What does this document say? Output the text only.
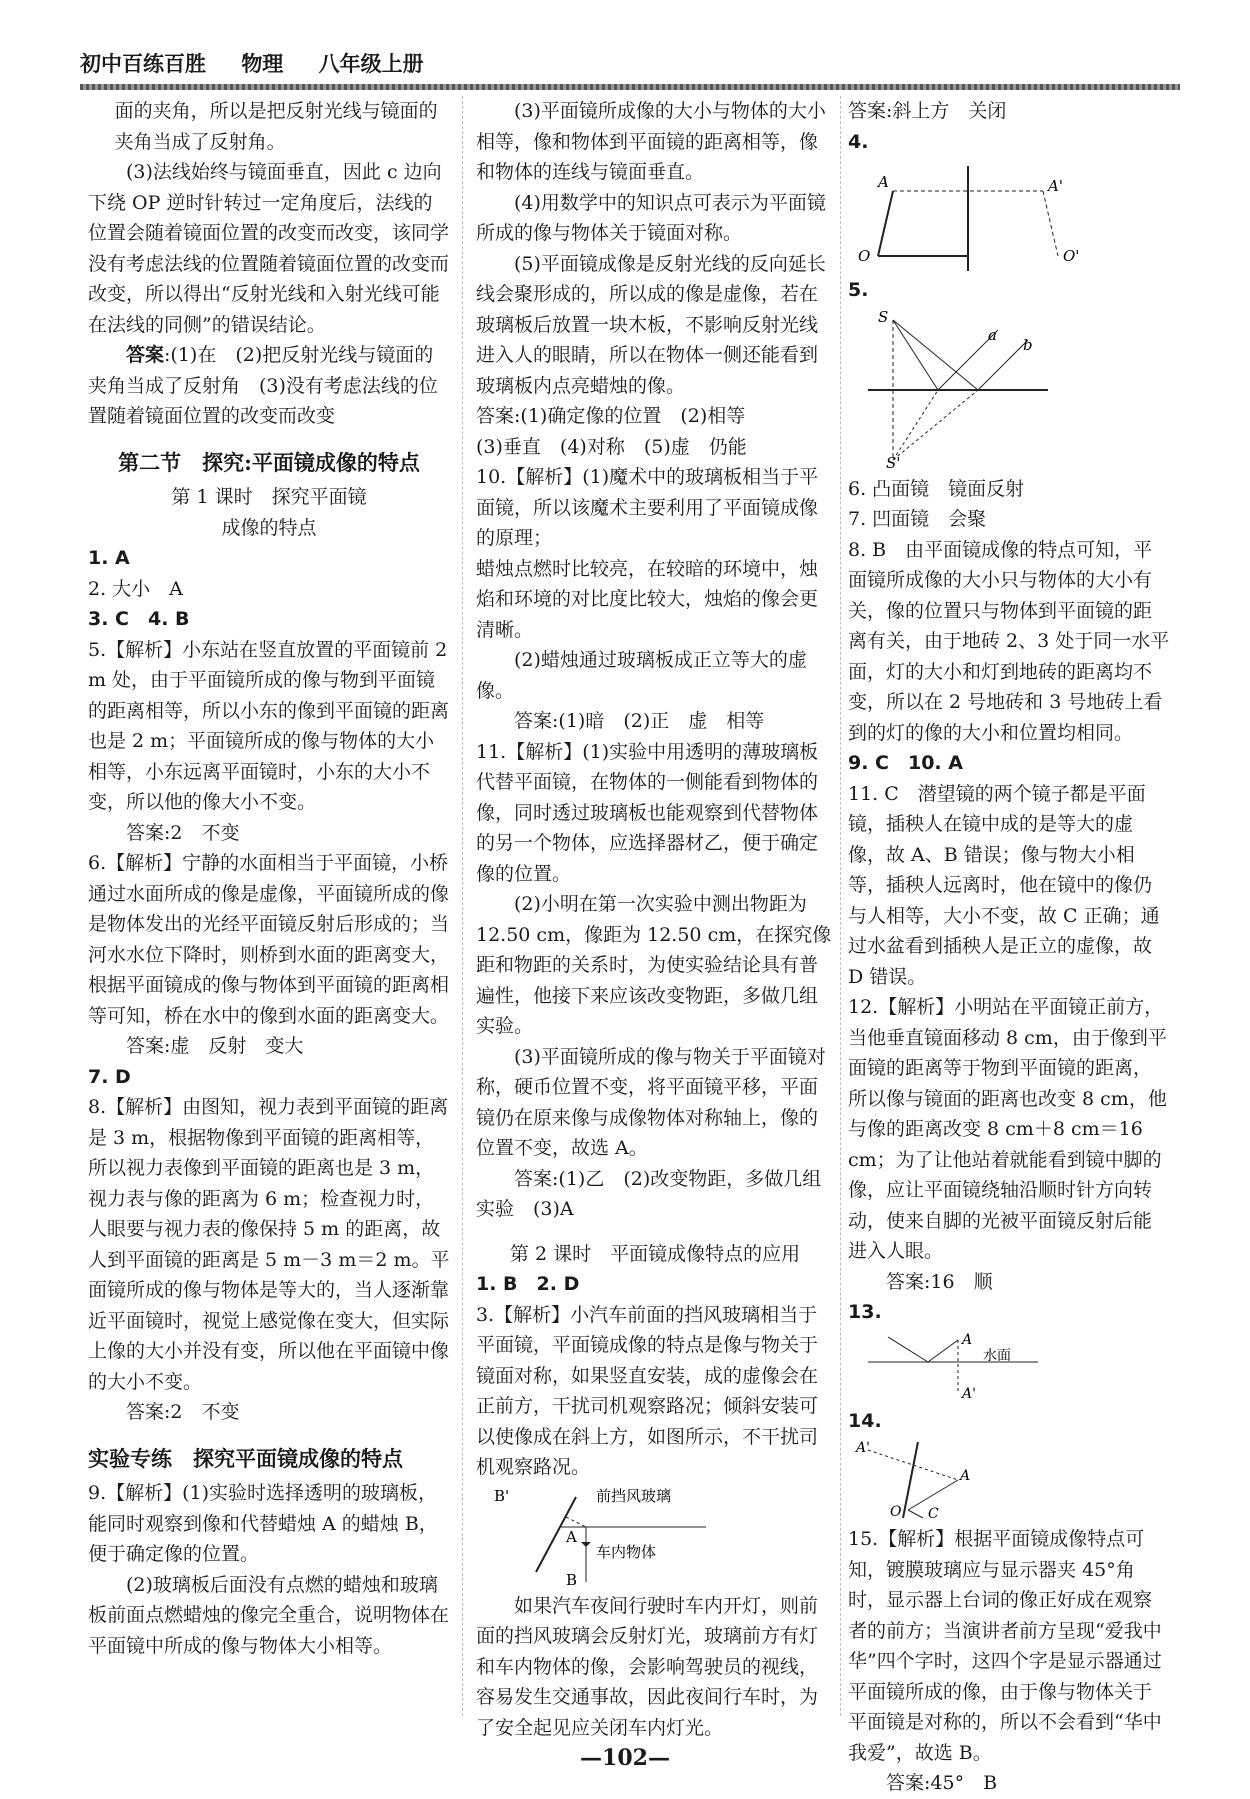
初中百练百胜 物理 八年级上册

面的夹角，所以是把反射光线与镜面的夹角当成了反射角。

(3)法线始终与镜面垂直，因此 c 边向下绕 OP 逆时针转过一定角度后，法线的位置会随着镜面位置的改变而改变，该同学没有考虑法线的位置随着镜面位置的改变而改变，所以得出“反射光线和入射光线可能在法线的同侧”的错误结论。

答案:(1)在　(2)把反射光线与镜面的夹角当成了反射角　(3)没有考虑法线的位置随着镜面位置的改变而改变

第二节　探究:平面镜成像的特点

第 1 课时　探究平面镜

成像的特点

1. A

2. 大小　A

3. C　4. B

5.【解析】小东站在竖直放置的平面镜前 2 m 处，由于平面镜所成的像与物到平面镜的距离相等，所以小东的像到平面镜的距离也是 2 m；平面镜所成的像与物体的大小相等，小东远离平面镜时，小东的大小不变，所以他的像大小不变。

答案:2　不变

6.【解析】宁静的水面相当于平面镜，小桥通过水面所成的像是虚像，平面镜所成的像是物体发出的光经平面镜反射后形成的；当河水水位下降时，则桥到水面的距离变大，根据平面镜成的像与物体到平面镜的距离相等可知，桥在水中的像到水面的距离变大。

答案:虚　反射　变大

7. D

8.【解析】由图知，视力表到平面镜的距离是 3 m，根据物像到平面镜的距离相等，所以视力表像到平面镜的距离也是 3 m，视力表与像的距离为 6 m；检查视力时，人眼要与视力表的像保持 5 m 的距离，故人到平面镜的距离是 5 m－3 m＝2 m。平面镜所成的像与物体是等大的，当人逐渐靠近平面镜时，视觉上感觉像在变大，但实际上像的大小并没有变，所以他在平面镜中像的大小不变。

答案:2　不变

实验专练　探究平面镜成像的特点

9.【解析】(1)实验时选择透明的玻璃板，能同时观察到像和代替蜡烛 A 的蜡烛 B，便于确定像的位置。

(2)玻璃板后面没有点燃的蜡烛和玻璃板前面点燃蜡烛的像完全重合，说明物体在平面镜中所成的像与物体大小相等。

(3)平面镜所成像的大小与物体的大小相等，像和物体到平面镜的距离相等，像和物体的连线与镜面垂直。

(4)用数学中的知识点可表示为平面镜所成的像与物体关于镜面对称。

(5)平面镜成像是反射光线的反向延长线会聚形成的，所以成的像是虚像，若在玻璃板后放置一块木板，不影响反射光线进入人的眼睛，所以在物体一侧还能看到玻璃板内点亮蜡烛的像。

答案:(1)确定像的位置　(2)相等

(3)垂直　(4)对称　(5)虚　仍能

10.【解析】(1)魔术中的玻璃板相当于平面镜，所以该魔术主要利用了平面镜成像的原理；

蜡烛点燃时比较亮，在较暗的环境中，烛焰和环境的对比度比较大，烛焰的像会更清晰。

(2)蜡烛通过玻璃板成正立等大的虚像。

答案:(1)暗　(2)正　虚　相等

11.【解析】(1)实验中用透明的薄玻璃板代替平面镜，在物体的一侧能看到物体的像，同时透过玻璃板也能观察到代替物体的另一个物体，应选择器材乙，便于确定像的位置。

(2)小明在第一次实验中测出物距为 12.50 cm，像距为 12.50 cm，在探究像距和物距的关系时，为使实验结论具有普遍性，他接下来应该改变物距，多做几组实验。

(3)平面镜所成的像与物关于平面镜对称，硬币位置不变，将平面镜平移，平面镜仍在原来像与成像物体对称轴上，像的位置不变，故选 A。

答案:(1)乙　(2)改变物距，多做几组实验　(3)A

第 2 课时　平面镜成像特点的应用

1. B　2. D

3.【解析】小汽车前面的挡风玻璃相当于平面镜，平面镜成像的特点是像与物关于镜面对称，如果竖直安装，成的虚像会在正前方，干扰司机观察路况；倾斜安装可以使像成在斜上方，如图所示，不干扰司机观察路况。

B'	前挡风玻璃
A
车内物体
B

如果汽车夜间行驶时车内开灯，则前面的挡风玻璃会反射灯光，玻璃前方有灯和车内物体的像，会影响驾驶员的视线，容易发生交通事故，因此夜间行车时，为了安全起见应关闭车内灯光。

答案:斜上方　关闭

4.

A	A'
O	O'

5.

S
S'
a
b

6. 凸面镜　镜面反射

7. 凹面镜　会聚

8. B　由平面镜成像的特点可知，平面镜所成像的大小只与物体的大小有关，像的位置只与物体到平面镜的距离有关，由于地砖 2、3 处于同一水平面，灯的大小和灯到地砖的距离均不变，所以在 2 号地砖和 3 号地砖上看到的灯的像的大小和位置均相同。

9. C　10. A

11. C　潜望镜的两个镜子都是平面镜，插秧人在镜中成的是等大的虚像，故 A、B 错误；像与物大小相等，插秧人远离时，他在镜中的像仍与人相等，大小不变，故 C 正确；通过水盆看到插秧人是正立的虚像，故 D 错误。

12.【解析】小明站在平面镜正前方，当他垂直镜面移动 8 cm，由于像到平面镜的距离等于物到平面镜的距离，所以像与镜面的距离也改变 8 cm，他与像的距离改变 8 cm＋8 cm＝16 cm；为了让他站着就能看到镜中脚的像，应让平面镜绕轴沿顺时针方向转动，使来自脚的光被平面镜反射后能进入人眼。

答案:16　顺

13.

A
A'
水面

14.

A'
A
O C

15.【解析】根据平面镜成像特点可知，镀膜玻璃应与显示器夹 45°角时，显示器上台词的像正好成在观察者的前方；当演讲者前方呈现“爱我中华”四个字时，这四个字是显示器通过平面镜所成的像，由于像与物体关于平面镜是对称的，所以不会看到“华中我爱”，故选 B。

答案:45°　B

—102—
